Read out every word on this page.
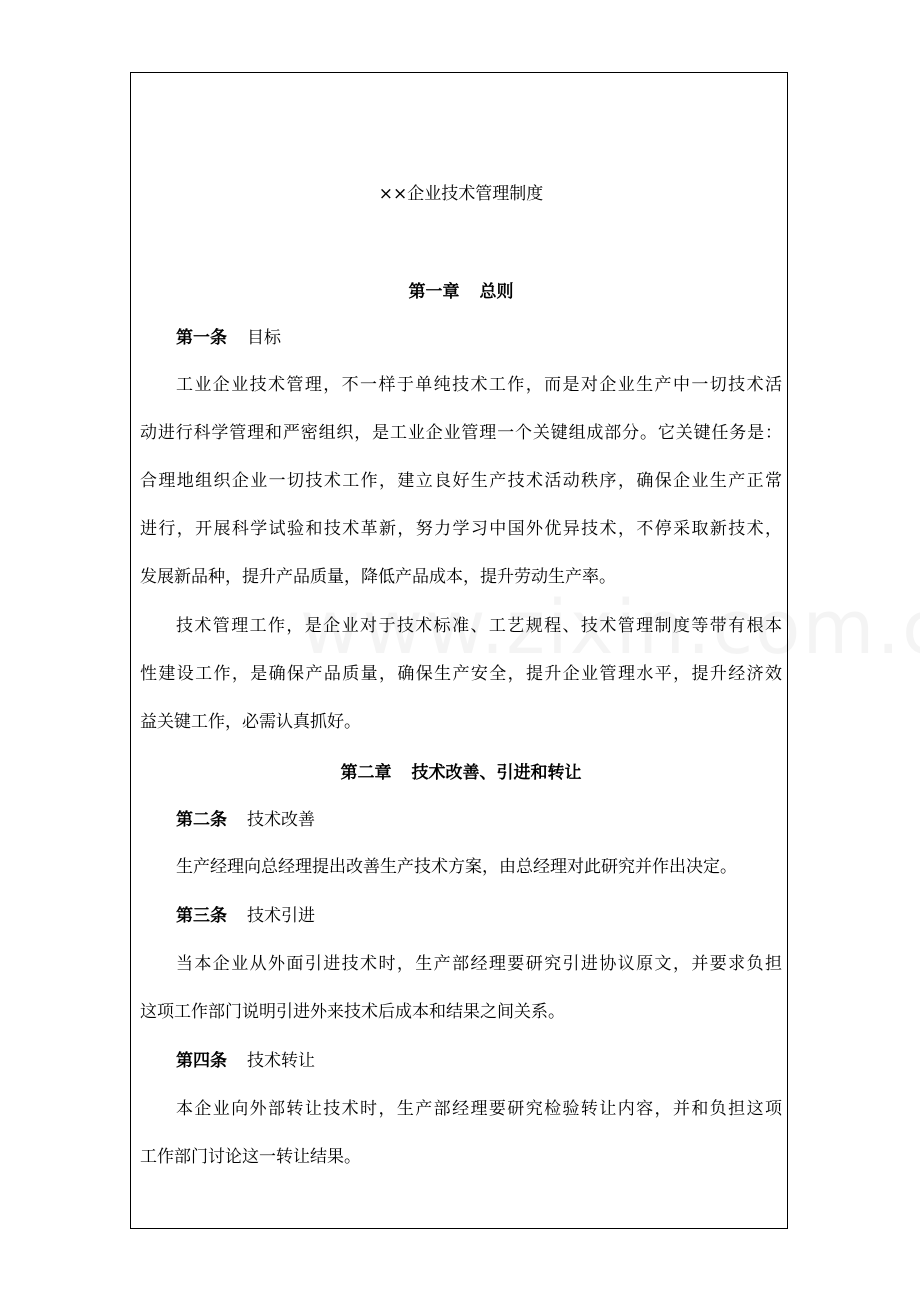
××企业技术管理制度
第一章 总则
第一条 目标
工业企业技术管理，不一样于单纯技术工作，而是对企业生产中一切技术活
动进行科学管理和严密组织，是工业企业管理一个关键组成部分。它关键任务是：
合理地组织企业一切技术工作，建立良好生产技术活动秩序，确保企业生产正常
进行，开展科学试验和技术革新，努力学习中国外优异技术，不停采取新技术，
发展新品种，提升产品质量，降低产品成本，提升劳动生产率。
技术管理工作，是企业对于技术标准、工艺规程、技术管理制度等带有根本
性建设工作，是确保产品质量，确保生产安全，提升企业管理水平，提升经济效
益关键工作，必需认真抓好。
第二章 技术改善、引进和转让
第二条 技术改善
生产经理向总经理提出改善生产技术方案，由总经理对此研究并作出决定。
第三条 技术引进
当本企业从外面引进技术时，生产部经理要研究引进协议原文，并要求负担
这项工作部门说明引进外来技术后成本和结果之间关系。
第四条 技术转让
本企业向外部转让技术时，生产部经理要研究检验转让内容，并和负担这项
工作部门讨论这一转让结果。
